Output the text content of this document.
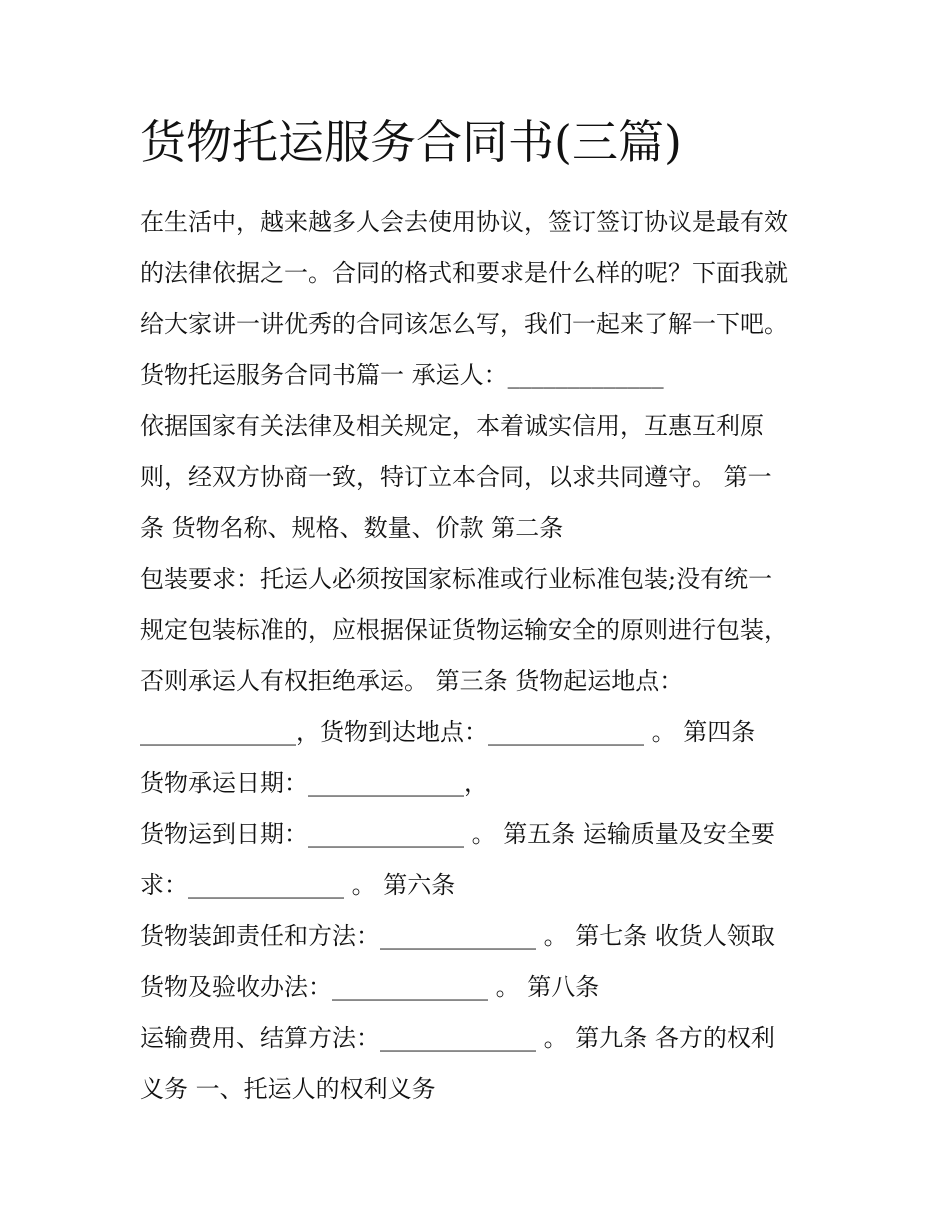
货物托运服务合同书(三篇)
在生活中，越来越多人会去使用协议，签订签订协议是最有效
的法律依据之一。合同的格式和要求是什么样的呢？下面我就
给大家讲一讲优秀的合同该怎么写，我们一起来了解一下吧。
货物托运服务合同书篇一 承运人：_____________
依据国家有关法律及相关规定，本着诚实信用，互惠互利原
则，经双方协商一致，特订立本合同，以求共同遵守。 第一
条 货物名称、规格、数量、价款 第二条
包装要求：托运人必须按国家标准或行业标准包装;没有统一
规定包装标准的，应根据保证货物运输安全的原则进行包装，
否则承运人有权拒绝承运。 第三条 货物起运地点：
_____________，货物到达地点：_____________ 。 第四条
货物承运日期：_____________，
货物运到日期：_____________ 。 第五条 运输质量及安全要
求：_____________ 。 第六条
货物装卸责任和方法：_____________ 。 第七条 收货人领取
货物及验收办法：_____________ 。 第八条
运输费用、结算方法：_____________ 。 第九条 各方的权利
义务 一、托运人的权利义务
